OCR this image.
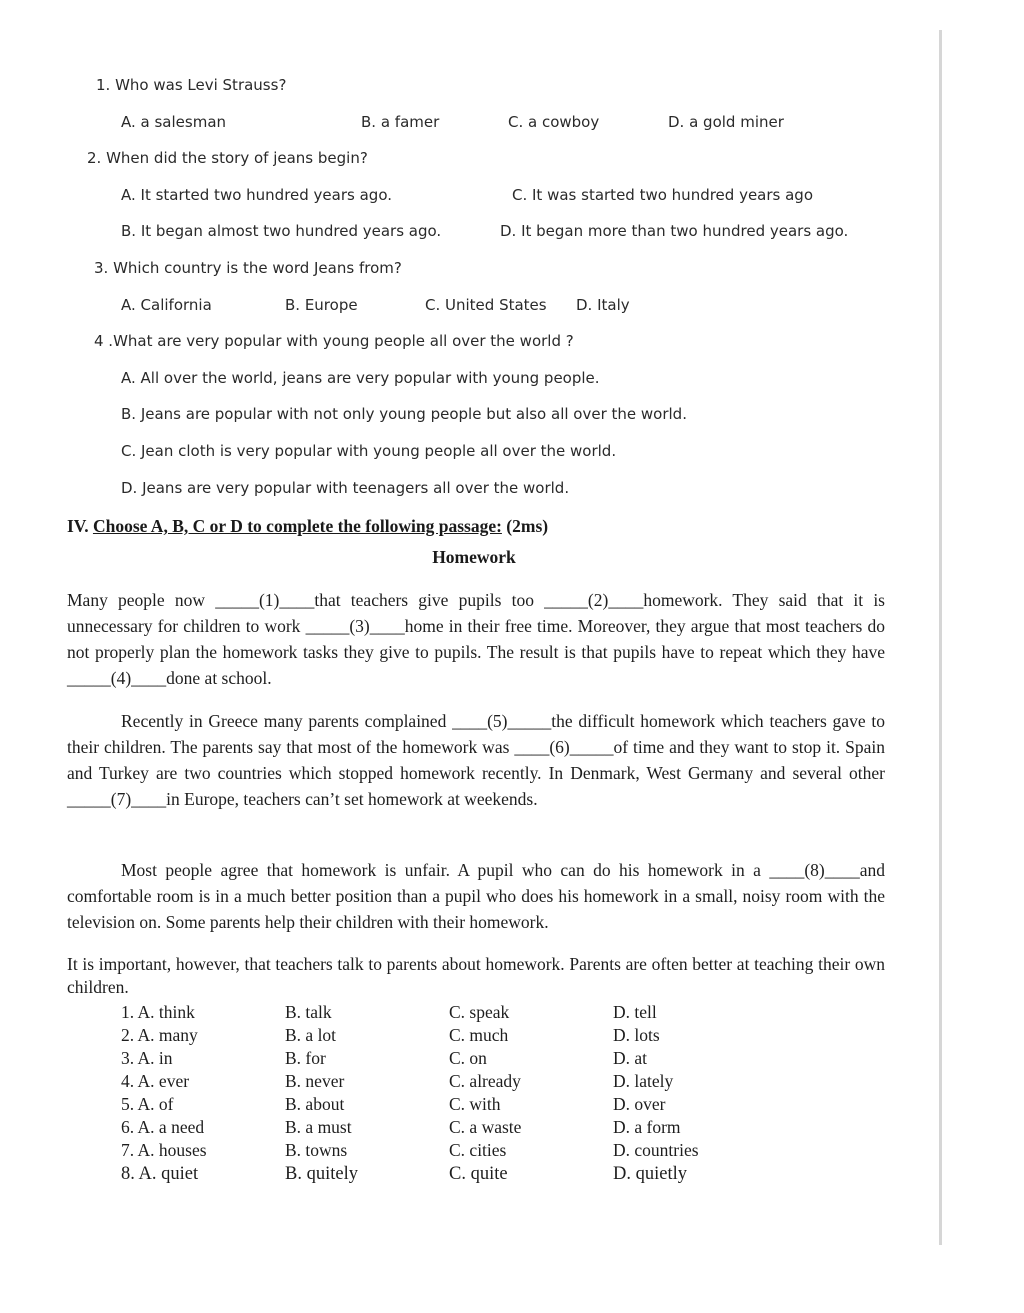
1. Who was Levi Strauss?
A. a salesman	B. a famer	C. a cowboy	D. a gold miner
2. When did the story of jeans begin?
A. It started two hundred years ago.	C. It was started two hundred years ago
B. It began almost two hundred years ago.	D. It began more than two hundred years ago.
3. Which country is the word Jeans from?
A. California	B. Europe	C. United States D. Italy
4 .What are very popular with young people all over the world ?
A. All over the world, jeans are very popular with young people.
B. Jeans are popular with not only young people but also all over the world.
C. Jean cloth is very popular with young people all over the world.
D. Jeans are very popular with teenagers all over the world.
IV. Choose A, B, C or D to complete the following passage: (2ms)
Homework

Many people now _____(1)____that teachers give pupils too _____(2)____homework. They said that it is unnecessary for children to work _____(3)____home in their free time. Moreover, they argue that most teachers do not properly plan the homework tasks they give to pupils. The result is that pupils have to repeat which they have _____(4)____done at school.

Recently in Greece many parents complained ____(5)_____the difficult homework which teachers gave to their children. The parents say that most of the homework was ____(6)_____of time and they want to stop it. Spain and Turkey are two countries which stopped homework recently. In Denmark, West Germany and several other _____(7)____in Europe, teachers can’t set homework at weekends.

Most people agree that homework is unfair. A pupil who can do his homework in a ____(8)____and comfortable room is in a much better position than a pupil who does his homework in a small, noisy room with the television on. Some parents help their children with their homework.

It is important, however, that teachers talk to parents about homework. Parents are often better at teaching their own children.

1. A. think	B. talk	C. speak	D. tell
2. A. many	B. a lot	C. much	D. lots
3. A. in	B. for	C. on	D. at
4. A. ever	B. never	C. already	D. lately
5. A. of	B. about	C. with	D. over
6. A. a need	B. a must	C. a waste	D. a form
7. A. houses	B. towns	C. cities	D. countries
8. A. quiet	B. quitely	C. quite	D. quietly
